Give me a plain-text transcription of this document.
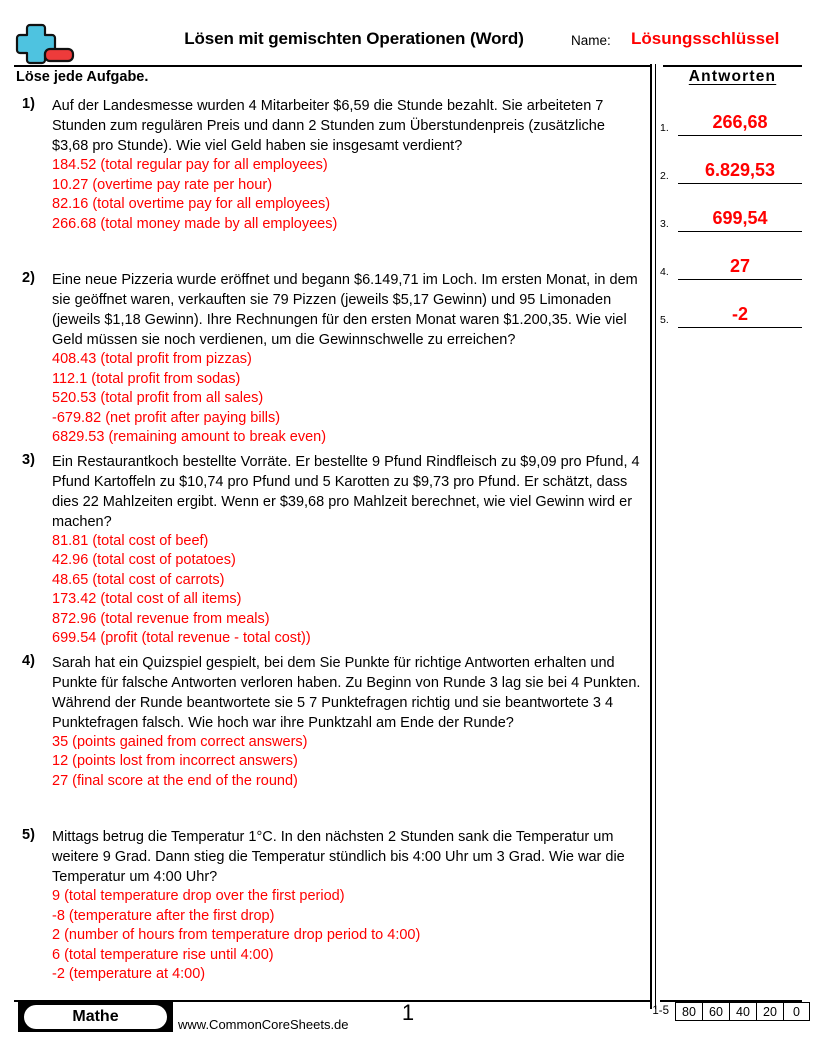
Lösen mit gemischten Operationen (Word)	Name: Lösungsschlüssel
Löse jede Aufgabe.	Antworten
1.	266,68
2.	6.829,53
3.	699,54
4.	27
5.	-2
1) Auf der Landesmesse wurden 4 Mitarbeiter $6,59 die Stunde bezahlt. Sie arbeiteten 7 Stunden zum regulären Preis und dann 2 Stunden zum Überstundenpreis (zusätzliche $3,68 pro Stunde). Wie viel Geld haben sie insgesamt verdient?
184.52 (total regular pay for all employees)
10.27 (overtime pay rate per hour)
82.16 (total overtime pay for all employees)
266.68 (total money made by all employees)
2) Eine neue Pizzeria wurde eröffnet und begann $6.149,71 im Loch. Im ersten Monat, in dem sie geöffnet waren, verkauften sie 79 Pizzen (jeweils $5,17 Gewinn) und 95 Limonaden (jeweils $1,18 Gewinn). Ihre Rechnungen für den ersten Monat waren $1.200,35. Wie viel Geld müssen sie noch verdienen, um die Gewinnschwelle zu erreichen?
408.43 (total profit from pizzas)
112.1 (total profit from sodas)
520.53 (total profit from all sales)
-679.82 (net profit after paying bills)
6829.53 (remaining amount to break even)
3) Ein Restaurantkoch bestellte Vorräte. Er bestellte 9 Pfund Rindfleisch zu $9,09 pro Pfund, 4 Pfund Kartoffeln zu $10,74 pro Pfund und 5 Karotten zu $9,73 pro Pfund. Er schätzt, dass dies 22 Mahlzeiten ergibt. Wenn er $39,68 pro Mahlzeit berechnet, wie viel Gewinn wird er machen?
81.81 (total cost of beef)
42.96 (total cost of potatoes)
48.65 (total cost of carrots)
173.42 (total cost of all items)
872.96 (total revenue from meals)
699.54 (profit (total revenue - total cost))
4) Sarah hat ein Quizspiel gespielt, bei dem Sie Punkte für richtige Antworten erhalten und Punkte für falsche Antworten verloren haben. Zu Beginn von Runde 3 lag sie bei 4 Punkten. Während der Runde beantwortete sie 5 7 Punktefragen richtig und sie beantwortete 3 4 Punktefragen falsch. Wie hoch war ihre Punktzahl am Ende der Runde?
35 (points gained from correct answers)
12 (points lost from incorrect answers)
27 (final score at the end of the round)
5) Mittags betrug die Temperatur 1°C. In den nächsten 2 Stunden sank die Temperatur um weitere 9 Grad. Dann stieg die Temperatur stündlich bis 4:00 Uhr um 3 Grad. Wie war die Temperatur um 4:00 Uhr?
9 (total temperature drop over the first period)
-8 (temperature after the first drop)
2 (number of hours from temperature drop period to 4:00)
6 (total temperature rise until 4:00)
-2 (temperature at 4:00)
Mathe	www.CommonCoreSheets.de	1	1-5	80	60	40	20	0
